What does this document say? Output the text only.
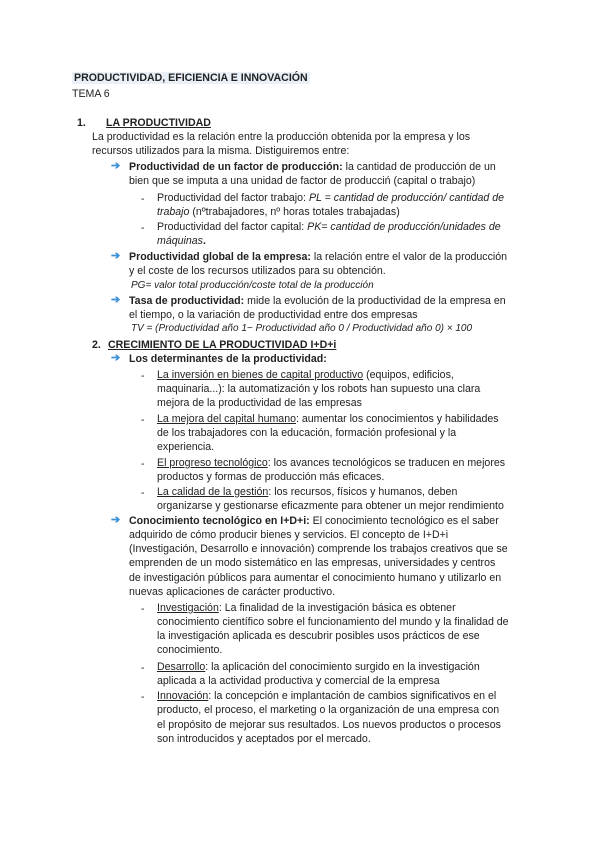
PRODUCTIVIDAD, EFICIENCIA E INNOVACIÓN
TEMA 6
1. LA PRODUCTIVIDAD
La productividad es la relación entre la producción obtenida por la empresa y los
recursos utilizados para la misma. Distiguiremos entre:
➔ Productividad de un factor de producción: la cantidad de producción de un
bien que se imputa a una unidad de factor de producciń (capital o trabajo)
- Productividad del factor trabajo: PL = cantidad de producción/ cantidad de
trabajo (nºtrabajadores, nº horas totales trabajadas)
- Productividad del factor capital: PK= cantidad de producción/unidades de
máquinas.
➔ Productividad global de la empresa: la relación entre el valor de la producción
y el coste de los recursos utilizados para su obtención.
PG= valor total producción/coste total de la producción
➔ Tasa de productividad: mide la evolución de la productividad de la empresa en
el tiempo, o la variación de productividad entre dos empresas
TV = (Productividad año 1− Productividad año 0 / Productividad año 0) × 100
2. CRECIMIENTO DE LA PRODUCTIVIDAD I+D+i
➔ Los determinantes de la productividad:
- La inversión en bienes de capital productivo (equipos, edificios,
maquinaria...): la automatización y los robots han supuesto una clara
mejora de la productividad de las empresas
- La mejora del capital humano: aumentar los conocimientos y habilidades
de los trabajadores con la educación, formación profesional y la
experiencia.
- El progreso tecnológico: los avances tecnológicos se traducen en mejores
productos y formas de producción más eficaces.
- La calidad de la gestión: los recursos, físicos y humanos, deben
organizarse y gestionarse eficazmente para obtener un mejor rendimiento
➔ Conocimiento tecnológico en I+D+i: El conocimiento tecnológico es el saber
adquirido de cómo producir bienes y servicios. El concepto de I+D+i
(Investigación, Desarrollo e innovación) comprende los trabajos creativos que se
emprenden de un modo sistemático en las empresas, universidades y centros
de investigación públicos para aumentar el conocimiento humano y utilizarlo en
nuevas aplicaciones de carácter productivo.
- Investigación: La finalidad de la investigación básica es obtener
conocimiento científico sobre el funcionamiento del mundo y la finalidad de
la investigación aplicada es descubrir posibles usos prácticos de ese
conocimiento.
- Desarrollo: la aplicación del conocimiento surgido en la investigación
aplicada a la actividad productiva y comercial de la empresa
- Innovación: la concepción e implantación de cambios significativos en el
producto, el proceso, el marketing o la organización de una empresa con
el propósito de mejorar sus resultados. Los nuevos productos o procesos
son introducidos y aceptados por el mercado.
